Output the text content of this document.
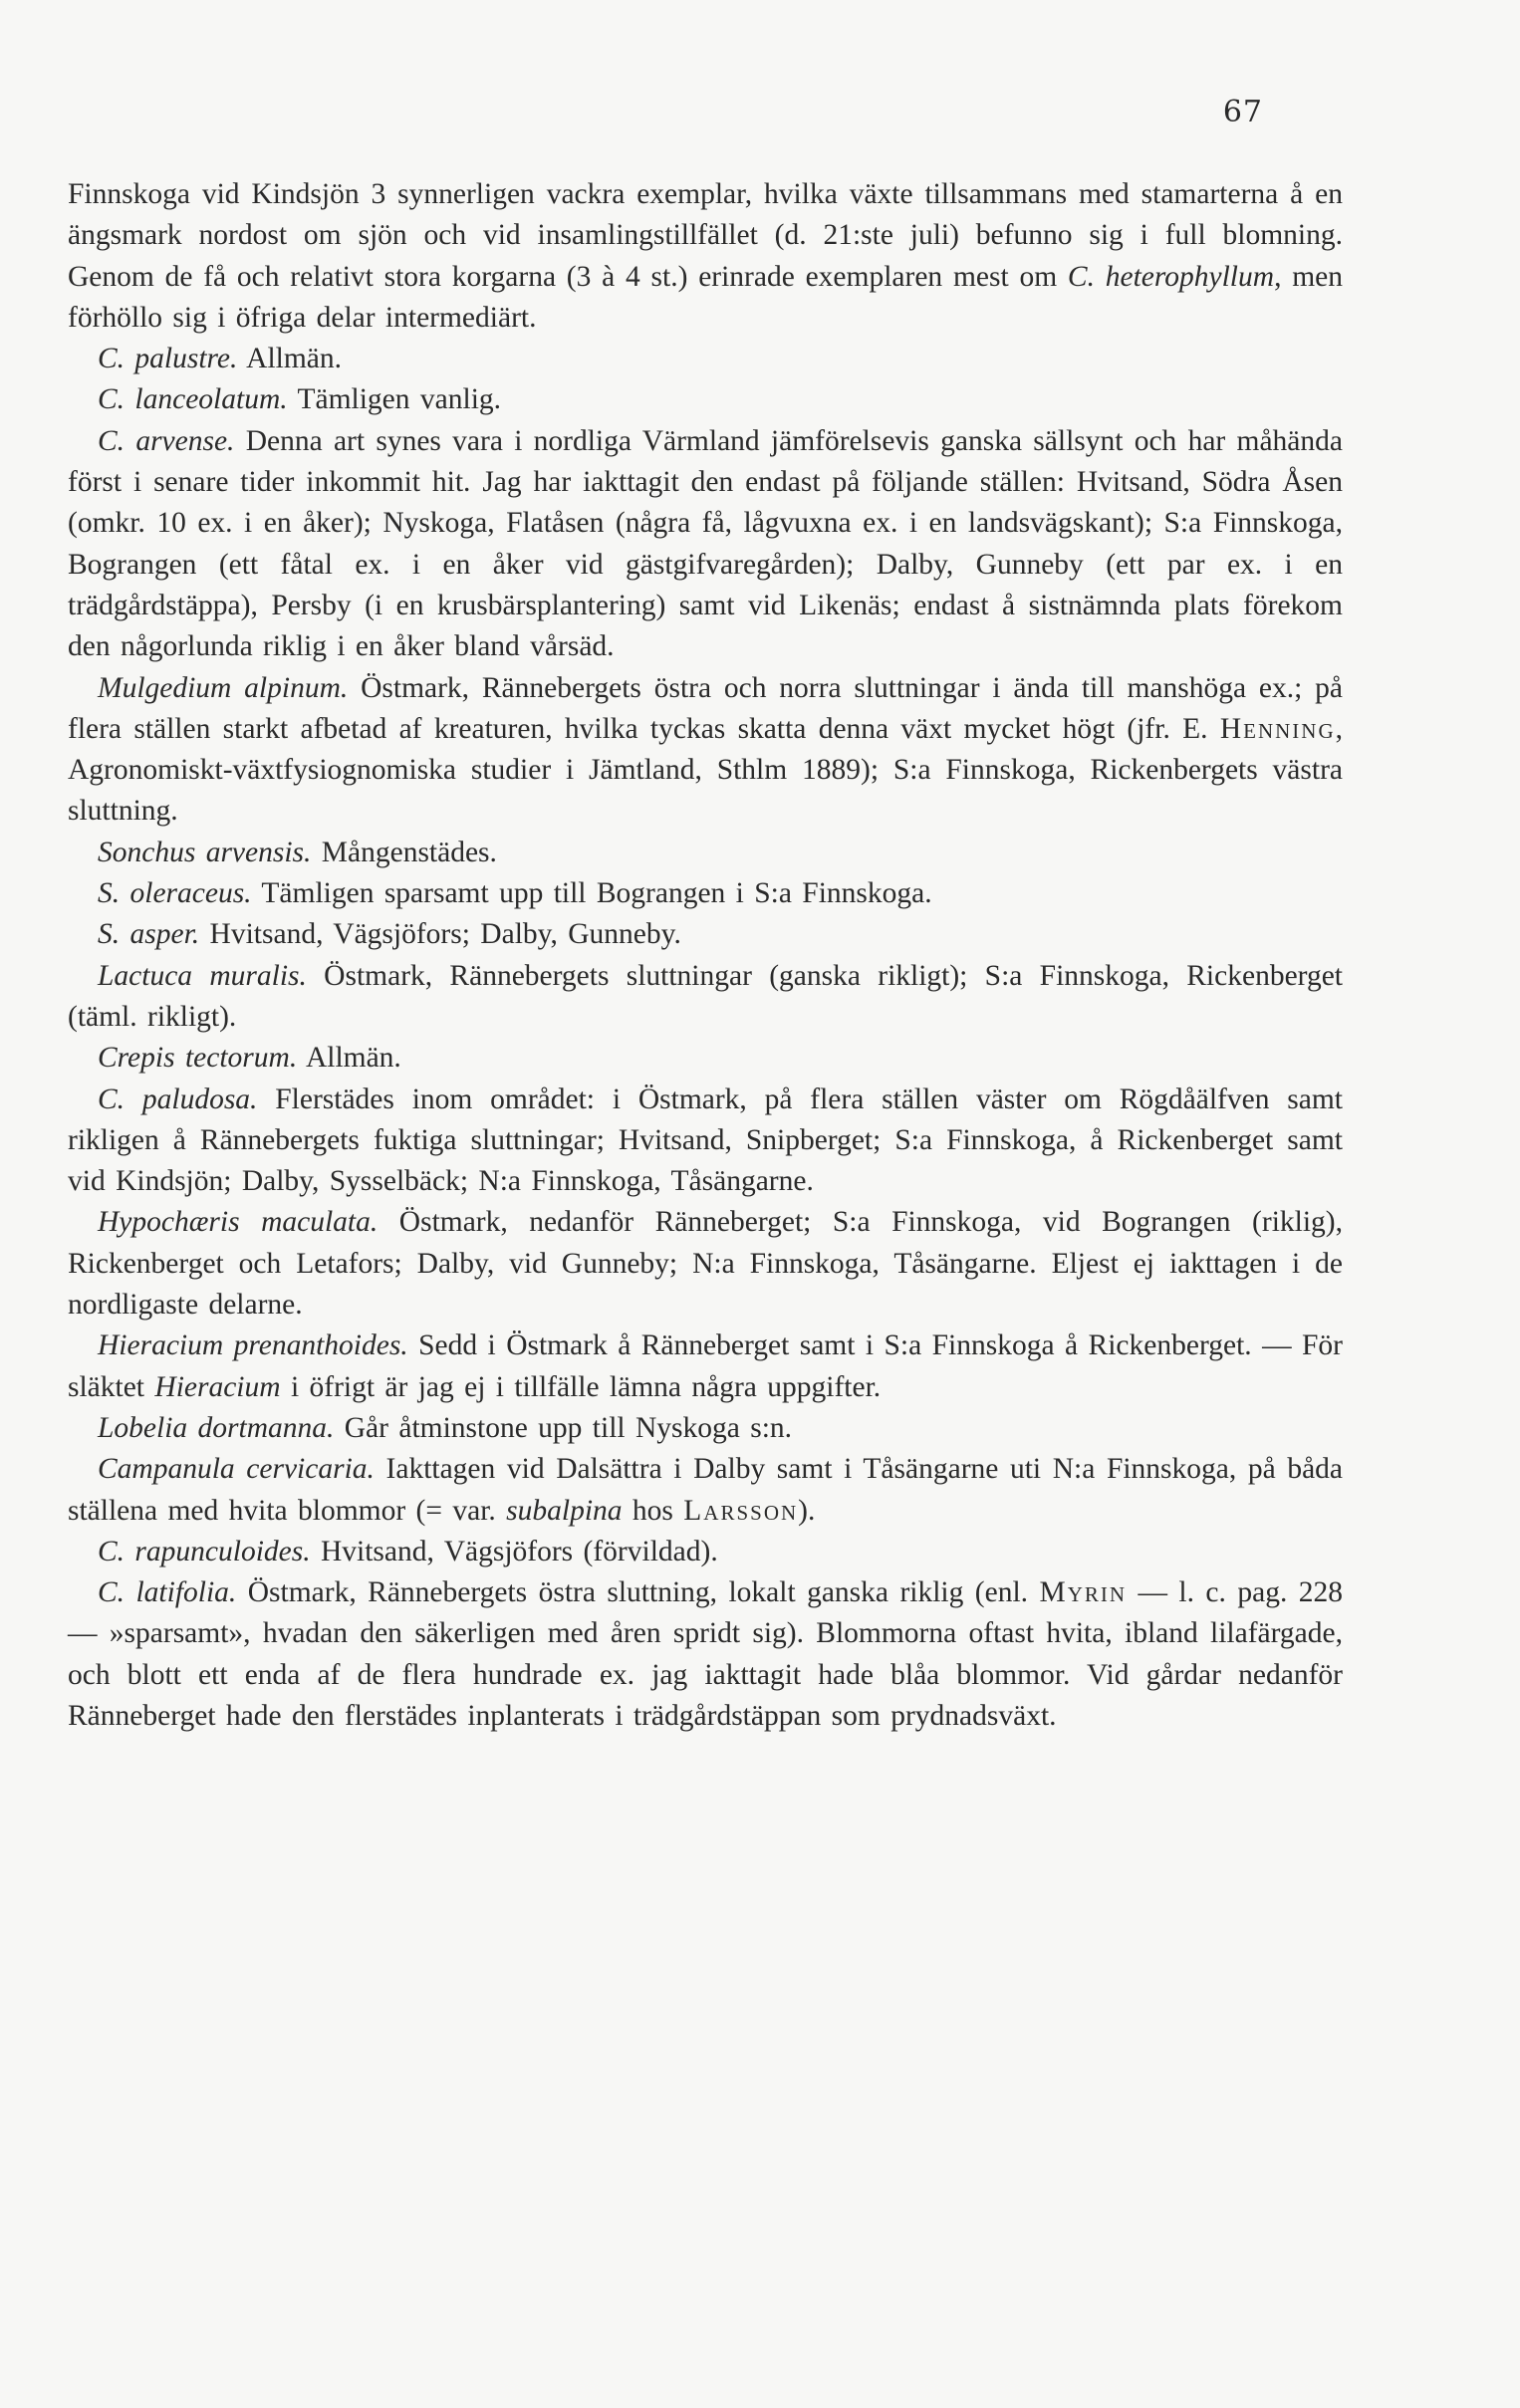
67

Finnskoga vid Kindsjön 3 synnerligen vackra exemplar, hvilka växte tillsammans med stamarterna å en ängsmark nordost om sjön och vid insamlingstillfället (d. 21:ste juli) befunno sig i full blomning. Genom de få och relativt stora korgarna (3 à 4 st.) erinrade exemplaren mest om C. heterophyllum, men förhöllo sig i öfriga delar intermediärt.

C. palustre. Allmän.

C. lanceolatum. Tämligen vanlig.

C. arvense. Denna art synes vara i nordliga Värmland jämförelsevis ganska sällsynt och har måhända först i senare tider inkommit hit. Jag har iakttagit den endast på följande ställen: Hvitsand, Södra Åsen (omkr. 10 ex. i en åker); Nyskoga, Flatåsen (några få, lågvuxna ex. i en landsvägskant); S:a Finnskoga, Bograngen (ett fåtal ex. i en åker vid gästgifvaregården); Dalby, Gunneby (ett par ex. i en trädgårdstäppa), Persby (i en krusbärsplantering) samt vid Likenäs; endast å sistnämnda plats förekom den någorlunda riklig i en åker bland vårsäd.

Mulgedium alpinum. Östmark, Rännebergets östra och norra sluttningar i ända till manshöga ex.; på flera ställen starkt afbetad af kreaturen, hvilka tyckas skatta denna växt mycket högt (jfr. E. Henning, Agronomiskt-växtfysiognomiska studier i Jämtland, Sthlm 1889); S:a Finnskoga, Rickenbergets västra sluttning.

Sonchus arvensis. Mångenstädes.

S. oleraceus. Tämligen sparsamt upp till Bograngen i S:a Finnskoga.

S. asper. Hvitsand, Vägsjöfors; Dalby, Gunneby.

Lactuca muralis. Östmark, Rännebergets sluttningar (ganska rikligt); S:a Finnskoga, Rickenberget (täml. rikligt).

Crepis tectorum. Allmän.

C. paludosa. Flerstädes inom området: i Östmark, på flera ställen väster om Rögdåälfven samt rikligen å Rännebergets fuktiga sluttningar; Hvitsand, Snipberget; S:a Finnskoga, å Rickenberget samt vid Kindsjön; Dalby, Sysselbäck; N:a Finnskoga, Tåsängarne.

Hypochæris maculata. Östmark, nedanför Ränneberget; S:a Finnskoga, vid Bograngen (riklig), Rickenberget och Letafors; Dalby, vid Gunneby; N:a Finnskoga, Tåsängarne. Eljest ej iakttagen i de nordligaste delarne.

Hieracium prenanthoides. Sedd i Östmark å Ränneberget samt i S:a Finnskoga å Rickenberget. — För släktet Hieracium i öfrigt är jag ej i tillfälle lämna några uppgifter.

Lobelia dortmanna. Går åtminstone upp till Nyskoga s:n.

Campanula cervicaria. Iakttagen vid Dalsättra i Dalby samt i Tåsängarne uti N:a Finnskoga, på båda ställena med hvita blommor (= var. subalpina hos Larsson).

C. rapunculoides. Hvitsand, Vägsjöfors (förvildad).

C. latifolia. Östmark, Rännebergets östra sluttning, lokalt ganska riklig (enl. Myrin — l. c. pag. 228 — »sparsamt», hvadan den säkerligen med åren spridt sig). Blommorna oftast hvita, ibland lilafärgade, och blott ett enda af de flera hundrade ex. jag iakttagit hade blåa blommor. Vid gårdar nedanför Ränneberget hade den flerstädes inplanterats i trädgårdstäppan som prydnadsväxt.
